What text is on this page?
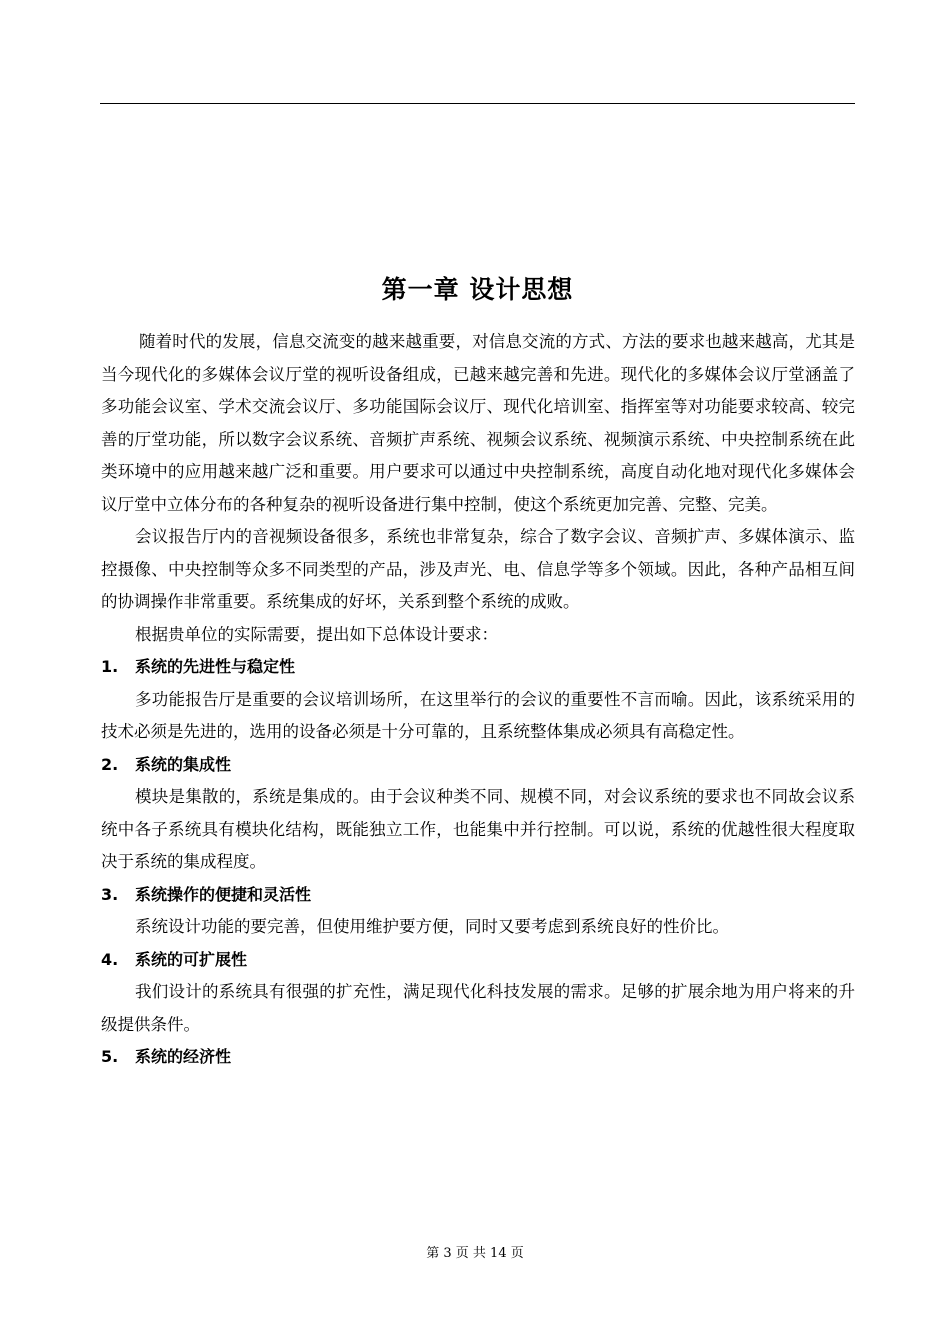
第一章 设计思想

随着时代的发展，信息交流变的越来越重要，对信息交流的方式、方法的要求也越来越高，尤其是当今现代化的多媒体会议厅堂的视听设备组成，已越来越完善和先进。现代化的多媒体会议厅堂涵盖了多功能会议室、学术交流会议厅、多功能国际会议厅、现代化培训室、指挥室等对功能要求较高、较完善的厅堂功能，所以数字会议系统、音频扩声系统、视频会议系统、视频演示系统、中央控制系统在此类环境中的应用越来越广泛和重要。用户要求可以通过中央控制系统，高度自动化地对现代化多媒体会议厅堂中立体分布的各种复杂的视听设备进行集中控制，使这个系统更加完善、完整、完美。

会议报告厅内的音视频设备很多，系统也非常复杂，综合了数字会议、音频扩声、多媒体演示、监控摄像、中央控制等众多不同类型的产品，涉及声光、电、信息学等多个领域。因此，各种产品相互间的协调操作非常重要。系统集成的好坏，关系到整个系统的成败。

根据贵单位的实际需要，提出如下总体设计要求：

1.	系统的先进性与稳定性

多功能报告厅是重要的会议培训场所，在这里举行的会议的重要性不言而喻。因此，该系统采用的技术必须是先进的，选用的设备必须是十分可靠的，且系统整体集成必须具有高稳定性。

2.	系统的集成性

模块是集散的，系统是集成的。由于会议种类不同、规模不同，对会议系统的要求也不同故会议系统中各子系统具有模块化结构，既能独立工作，也能集中并行控制。可以说，系统的优越性很大程度取决于系统的集成程度。

3.	系统操作的便捷和灵活性

系统设计功能的要完善，但使用维护要方便，同时又要考虑到系统良好的性价比。

4.	系统的可扩展性

我们设计的系统具有很强的扩充性，满足现代化科技发展的需求。足够的扩展余地为用户将来的升级提供条件。

5.	系统的经济性
第 3 页 共 14 页
